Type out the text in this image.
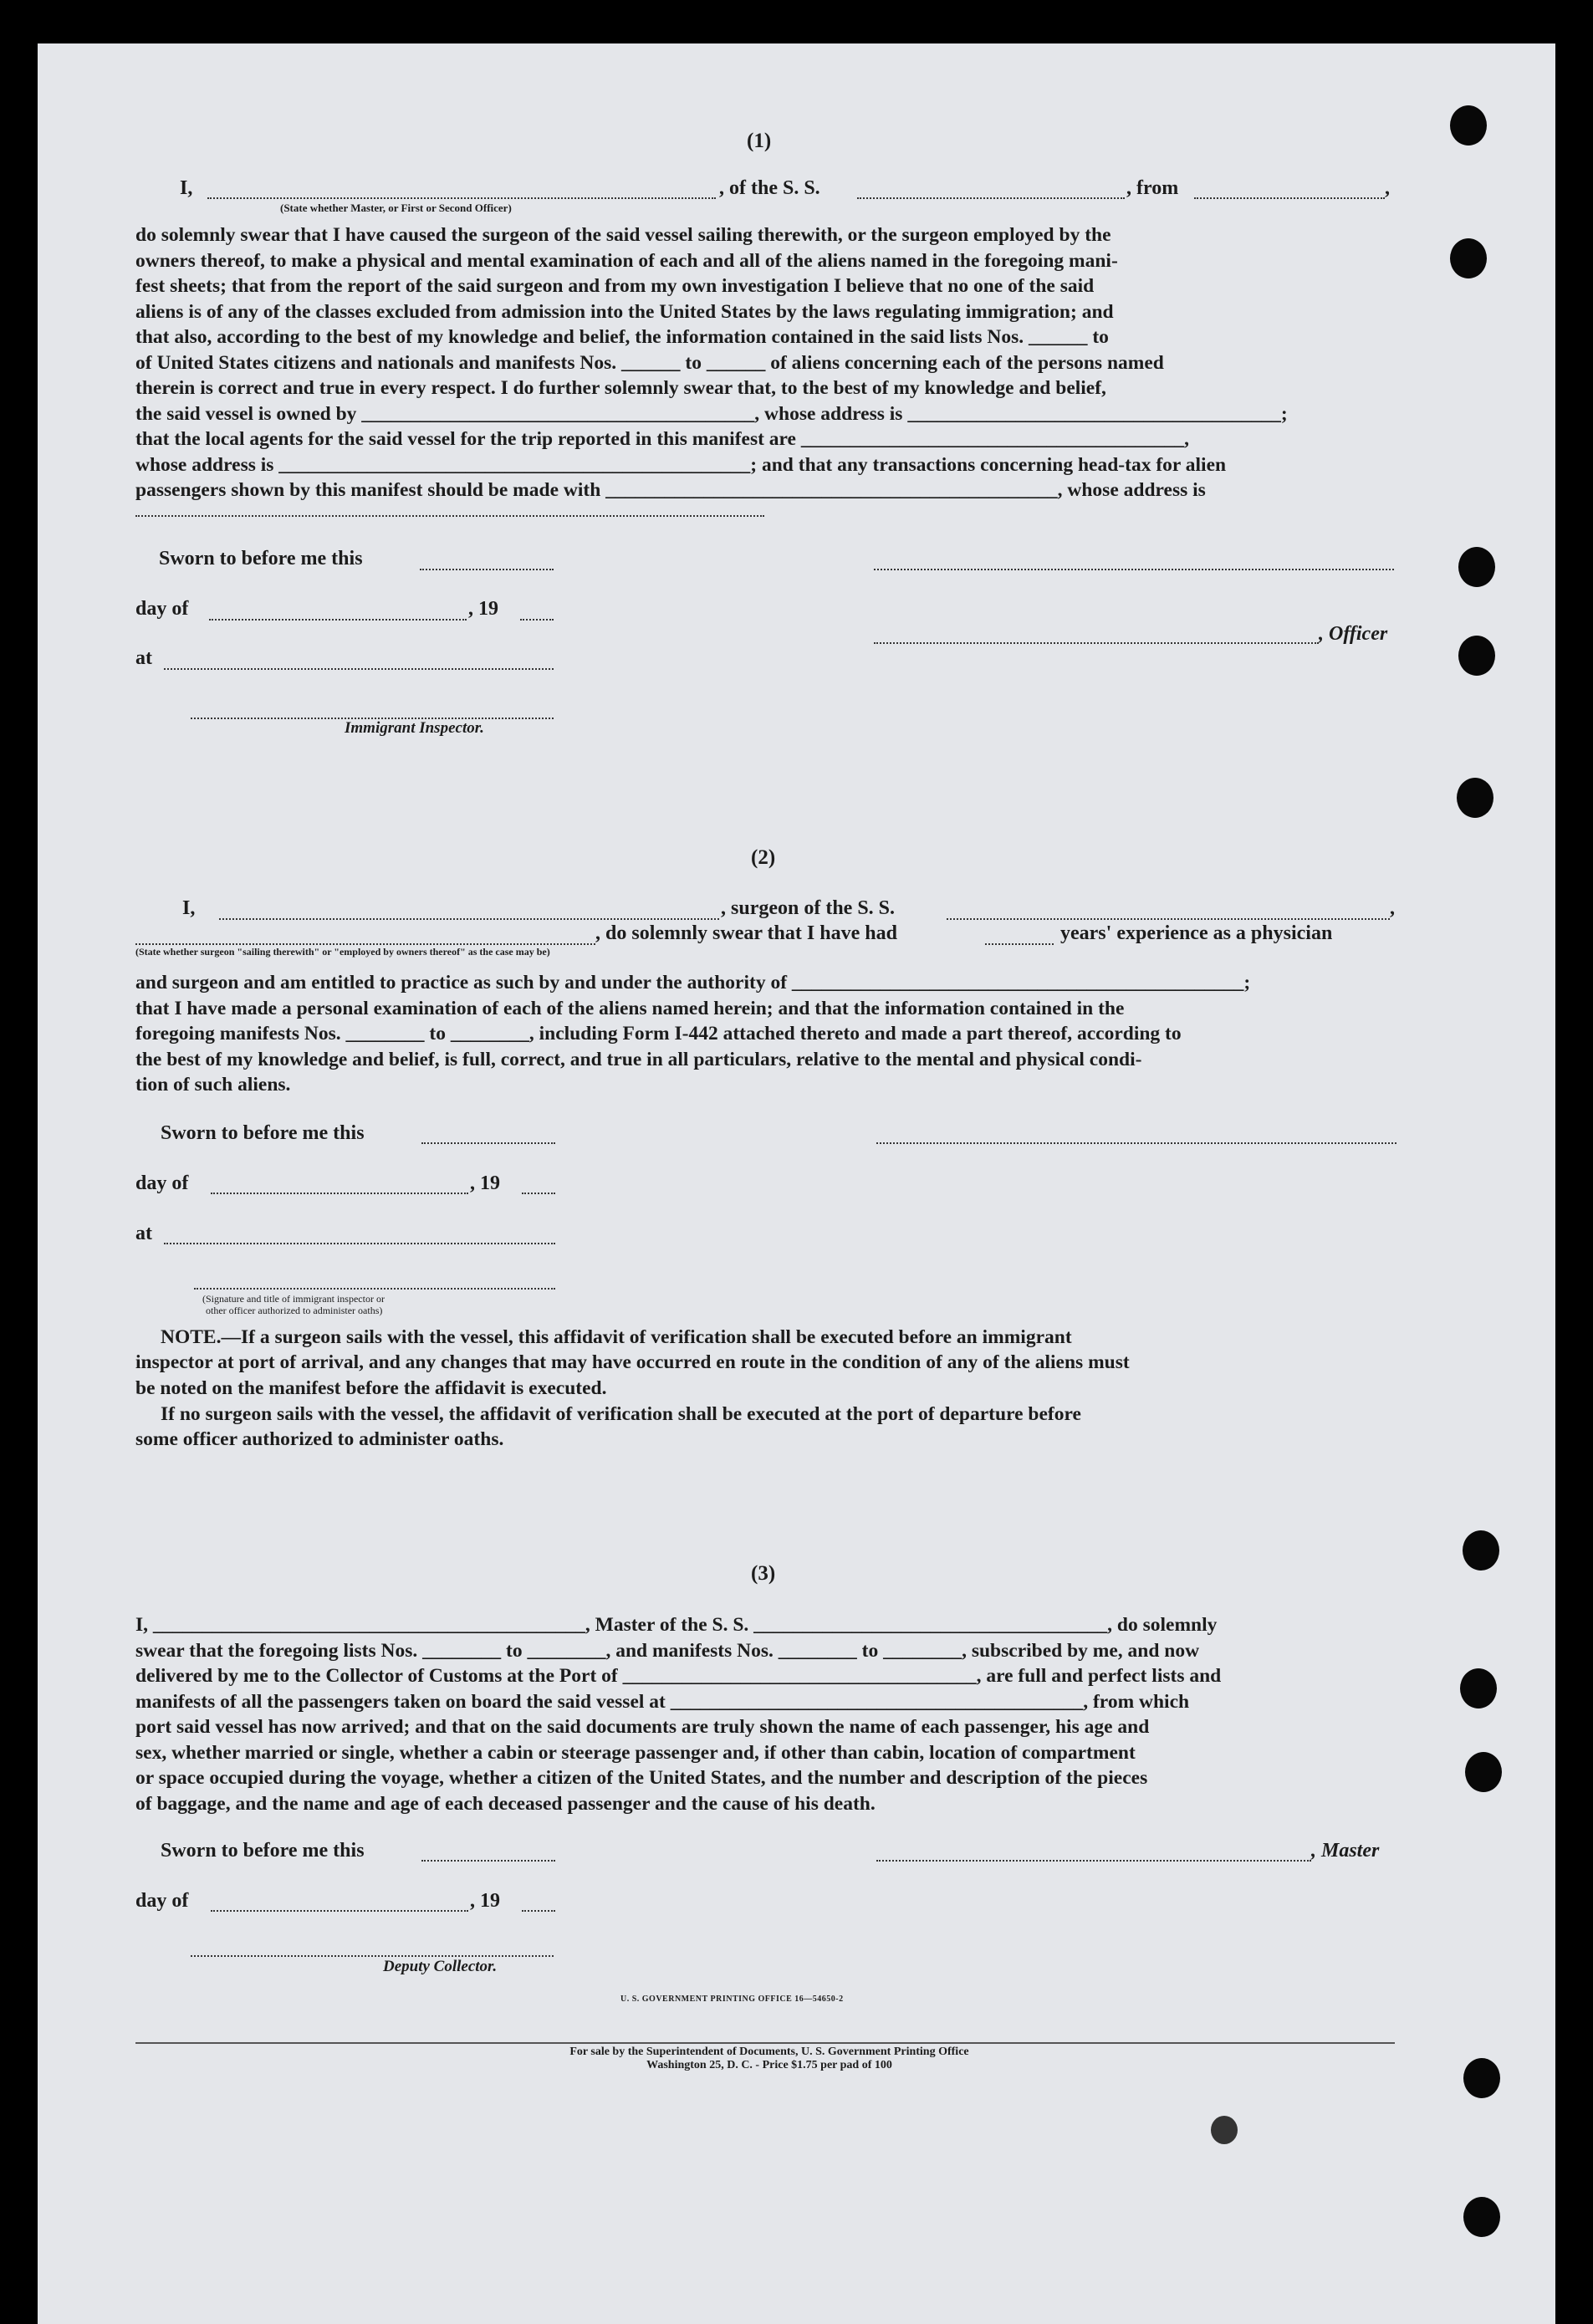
(1)
I,	, of the S. S.	, from	,
(State whether Master, or First or Second Officer)
do solemnly swear that I have caused the surgeon of the said vessel sailing therewith, or the surgeon employed by the
owners thereof, to make a physical and mental examination of each and all of the aliens named in the foregoing mani-
fest sheets; that from the report of the said surgeon and from my own investigation I believe that no one of the said
aliens is of any of the classes excluded from admission into the United States by the laws regulating immigration; and
that also, according to the best of my knowledge and belief, the information contained in the said lists Nos. ______ to
of United States citizens and nationals and manifests Nos. ______ to ______ of aliens concerning each of the persons named
therein is correct and true in every respect. I do further solemnly swear that, to the best of my knowledge and belief,
the said vessel is owned by ________________________________________, whose address is ______________________________________;
that the local agents for the said vessel for the trip reported in this manifest are _______________________________________,
whose address is ________________________________________________; and that any transactions concerning head-tax for alien
passengers shown by this manifest should be made with ______________________________________________, whose address is
Sworn to before me this
day of	, 19
, Officer
at
Immigrant Inspector.
(2)
I,	, surgeon of the S. S.	,
, do solemnly swear that I have had	years' experience as a physician
(State whether surgeon "sailing therewith" or "employed by owners thereof" as the case may be)
and surgeon and am entitled to practice as such by and under the authority of ______________________________________________;
that I have made a personal examination of each of the aliens named herein; and that the information contained in the
foregoing manifests Nos. ________ to ________, including Form I-442 attached thereto and made a part thereof, according to
the best of my knowledge and belief, is full, correct, and true in all particulars, relative to the mental and physical condi-
tion of such aliens.
Sworn to before me this
day of	, 19
at
(Signature and title of immigrant inspector or
other officer authorized to administer oaths)
NOTE.—If a surgeon sails with the vessel, this affidavit of verification shall be executed before an immigrant
inspector at port of arrival, and any changes that may have occurred en route in the condition of any of the aliens must
be noted on the manifest before the affidavit is executed.
If no surgeon sails with the vessel, the affidavit of verification shall be executed at the port of departure before
some officer authorized to administer oaths.
(3)
I, ____________________________________________, Master of the S. S. ____________________________________, do solemnly
swear that the foregoing lists Nos. ________ to ________, and manifests Nos. ________ to ________, subscribed by me, and now
delivered by me to the Collector of Customs at the Port of ____________________________________, are full and perfect lists and
manifests of all the passengers taken on board the said vessel at __________________________________________, from which
port said vessel has now arrived; and that on the said documents are truly shown the name of each passenger, his age and
sex, whether married or single, whether a cabin or steerage passenger and, if other than cabin, location of compartment
or space occupied during the voyage, whether a citizen of the United States, and the number and description of the pieces
of baggage, and the name and age of each deceased passenger and the cause of his death.
Sworn to before me this	, Master
day of	, 19
Deputy Collector.
U. S. GOVERNMENT PRINTING OFFICE 16—54650-2
For sale by the Superintendent of Documents, U. S. Government Printing Office
Washington 25, D. C. - Price $1.75 per pad of 100
